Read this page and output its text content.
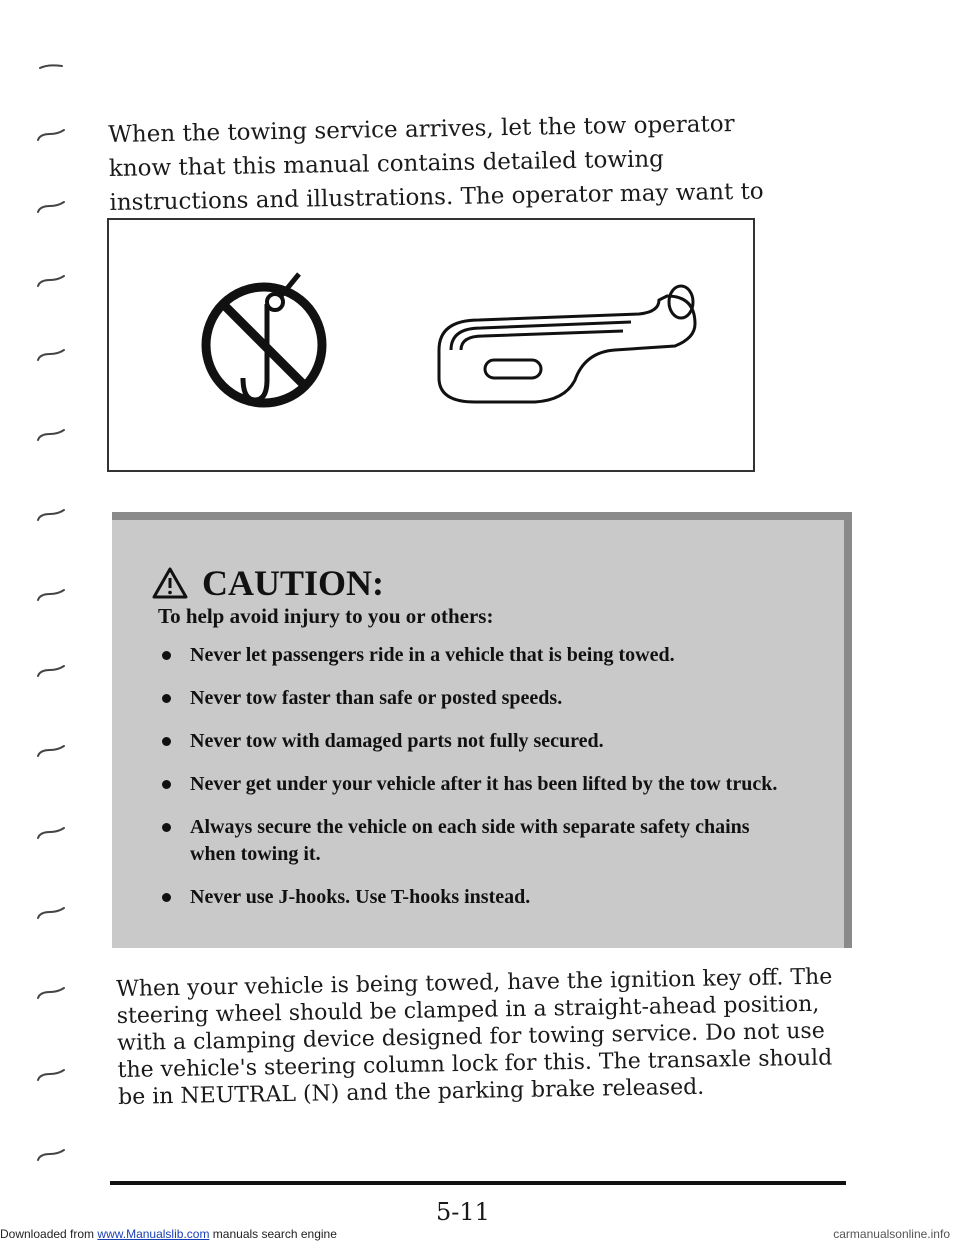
When the towing service arrives, let the tow operator know that this manual contains detailed towing instructions and illustrations. The operator may want to

CAUTION:
To help avoid injury to you or others:
Never let passengers ride in a vehicle that is being towed.
Never tow faster than safe or posted speeds.
Never tow with damaged parts not fully secured.
Never get under your vehicle after it has been lifted by the tow truck.
Always secure the vehicle on each side with separate safety chains when towing it.
Never use J-hooks. Use T-hooks instead.

When your vehicle is being towed, have the ignition key off. The steering wheel should be clamped in a straight-ahead position, with a clamping device designed for towing service. Do not use the vehicle's steering column lock for this. The transaxle should be in NEUTRAL (N) and the parking brake released.

5-11
Downloaded from www.Manualslib.com manuals search engine	carmanualsonline.info
